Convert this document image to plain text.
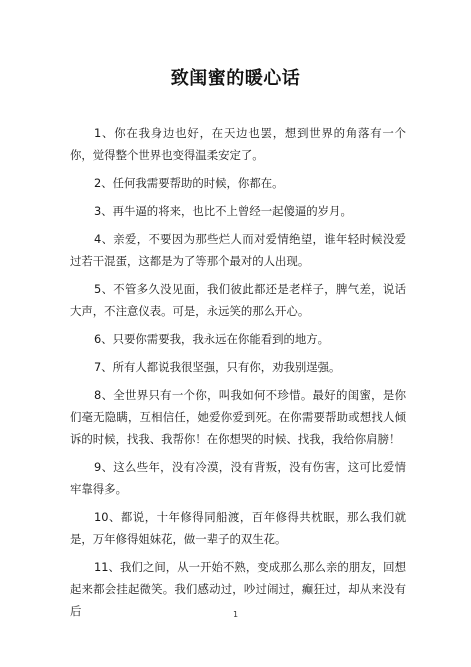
致闺蜜的暖心话

1、你在我身边也好，在天边也罢，想到世界的角落有一个你，觉得整个世界也变得温柔安定了。

2、任何我需要帮助的时候，你都在。

3、再牛逼的将来，也比不上曾经一起傻逼的岁月。

4、亲爱，不要因为那些烂人而对爱情绝望，谁年轻时候没爱过若干混蛋，这都是为了等那个最对的人出现。

5、不管多久没见面，我们彼此都还是老样子，脾气差，说话大声，不注意仪表。可是，永远笑的那么开心。

6、只要你需要我，我永远在你能看到的地方。

7、所有人都说我很坚强，只有你，劝我别逞强。

8、全世界只有一个你，叫我如何不珍惜。最好的闺蜜，是你们毫无隐瞒，互相信任，她爱你爱到死。在你需要帮助或想找人倾诉的时候，找我、我帮你！在你想哭的时候、找我，我给你肩膀！

9、这么些年，没有冷漠，没有背叛，没有伤害，这可比爱情牢靠得多。

10、都说，十年修得同船渡，百年修得共枕眠，那么我们就是，万年修得姐妹花，做一辈子的双生花。

11、我们之间，从一开始不熟，变成那么那么亲的朋友，回想起来都会挂起微笑。我们感动过，吵过闹过，癫狂过，却从来没有后	1
